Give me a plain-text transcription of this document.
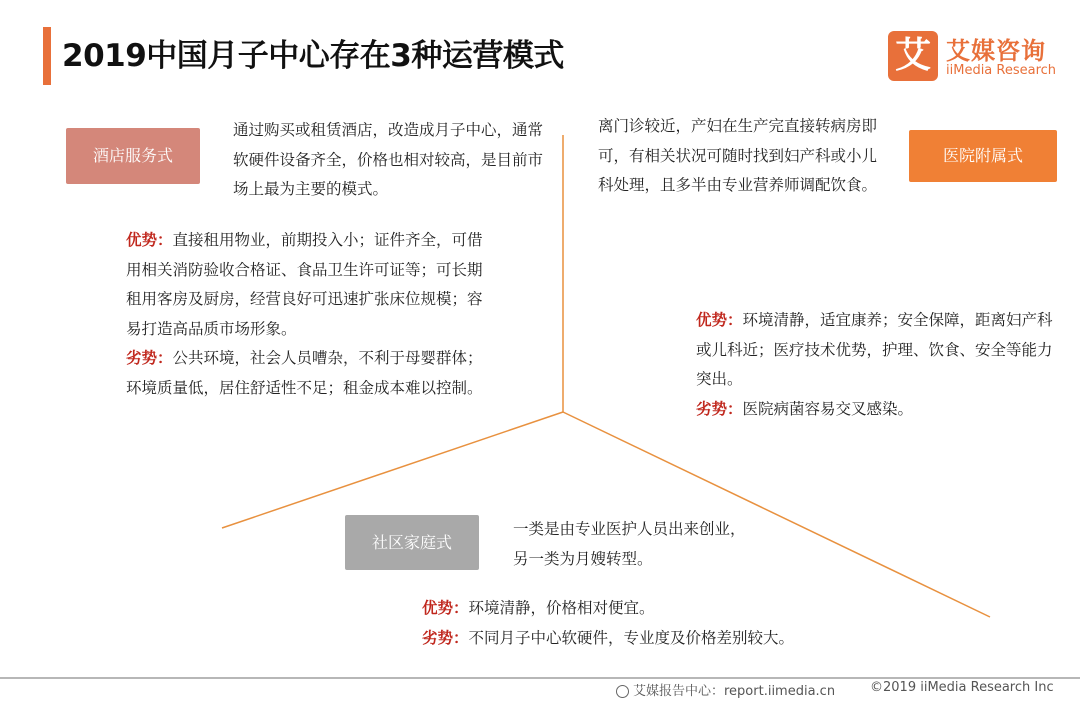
2019中国月子中心存在3种运营模式	艾 艾媒咨询
iiMedia Research
酒店服务式
通过购买或租赁酒店，改造成月子中心，通常软硬件设备齐全，价格也相对较高，是目前市场上最为主要的模式。
优势：直接租用物业，前期投入小；证件齐全，可借用相关消防验收合格证、食品卫生许可证等；可长期租用客房及厨房，经营良好可迅速扩张床位规模；容易打造高品质市场形象。
劣势：公共环境，社会人员嘈杂，不利于母婴群体；环境质量低，居住舒适性不足；租金成本难以控制。
医院附属式
离门诊较近，产妇在生产完直接转病房即可，有相关状况可随时找到妇产科或小儿科处理，且多半由专业营养师调配饮食。
优势：环境清静，适宜康养；安全保障，距离妇产科或儿科近；医疗技术优势，护理、饮食、安全等能力突出。
劣势：医院病菌容易交叉感染。
社区家庭式
一类是由专业医护人员出来创业，另一类为月嫂转型。
优势：环境清静，价格相对便宜。
劣势：不同月子中心软硬件，专业度及价格差别较大。
艾媒报告中心：report.iimedia.cn	©2019 iiMedia Research Inc
